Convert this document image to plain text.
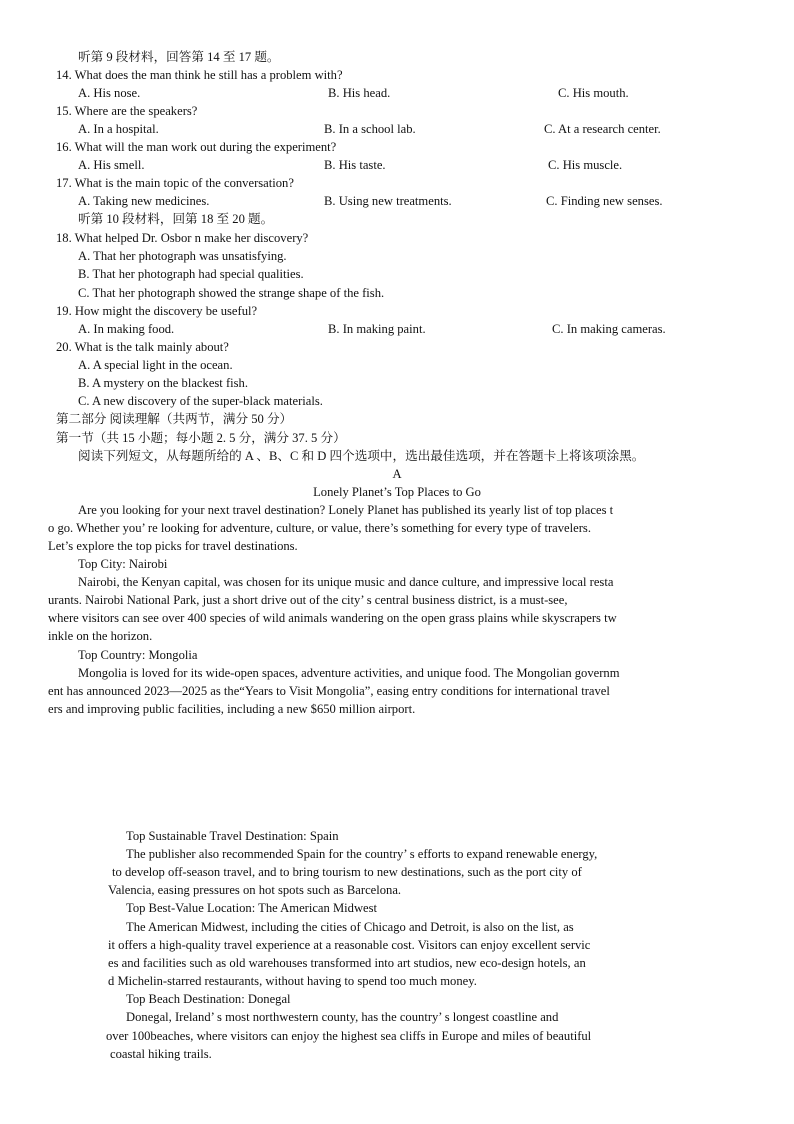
听第 9 段材料，回答第 14 至 17 题。
14. What does the man think he still has a problem with?
A. His nose.	B. His head.	C. His mouth.
15. Where are the speakers?
A. In a hospital.	B. In a school lab.	C. At a research center.
16. What will the man work out during the experiment?
A. His smell.	B. His taste.	C. His muscle.
17. What is the main topic of the conversation?
A. Taking new medicines.	B. Using new treatments.	C. Finding new senses.
听第 10 段材料，回第 18 至 20 题。
18. What helped Dr. Osbor n make her discovery?
A. That her photograph was unsatisfying.
B. That her photograph had special qualities.
C. That her photograph showed the strange shape of the fish.
19. How might the discovery be useful?
A. In making food.	B. In making paint.	C. In making cameras.
20. What is the talk mainly about?
A. A special light in the ocean.
B. A mystery on the blackest fish.
C. A new discovery of the super-black materials.
第二部分 阅读理解（共两节，满分 50 分）
第一节（共 15 小题；每小题 2. 5 分，满分 37. 5 分）
阅读下列短文，从每题所给的 A 、B、C 和 D 四个选项中，选出最佳选项，并在答题卡上将该项涂黑。
A
Lonely Planet’s Top Places to Go
Are you looking for your next travel destination? Lonely Planet has published its yearly list of top places t
o go. Whether you’ re looking for adventure, culture, or value, there’s something for every type of travelers.
Let’s explore the top picks for travel destinations.
Top City: Nairobi
Nairobi, the Kenyan capital, was chosen for its unique music and dance culture, and impressive local resta
urants. Nairobi National Park, just a short drive out of the city’ s central business district, is a must-see,
where visitors can see over 400 species of wild animals wandering on the open grass plains while skyscrapers tw
inkle on the horizon.
Top Country: Mongolia
Mongolia is loved for its wide-open spaces, adventure activities, and unique food. The Mongolian governm
ent has announced 2023—2025 as the“Years to Visit Mongolia”, easing entry conditions for international travel
ers and improving public facilities, including a new $650 million airport.
Top Sustainable Travel Destination: Spain
The publisher also recommended Spain for the country’ s efforts to expand renewable energy,
to develop off-season travel, and to bring tourism to new destinations, such as the port city of
Valencia, easing pressures on hot spots such as Barcelona.
Top Best-Value Location: The American Midwest
The American Midwest, including the cities of Chicago and Detroit, is also on the list, as
it offers a high-quality travel experience at a reasonable cost. Visitors can enjoy excellent servic
es and facilities such as old warehouses transformed into art studios, new eco-design hotels, an
d Michelin-starred restaurants, without having to spend too much money.
Top Beach Destination: Donegal
Donegal, Ireland’ s most northwestern county, has the country’ s longest coastline and
over 100beaches, where visitors can enjoy the highest sea cliffs in Europe and miles of beautiful
coastal hiking trails.
